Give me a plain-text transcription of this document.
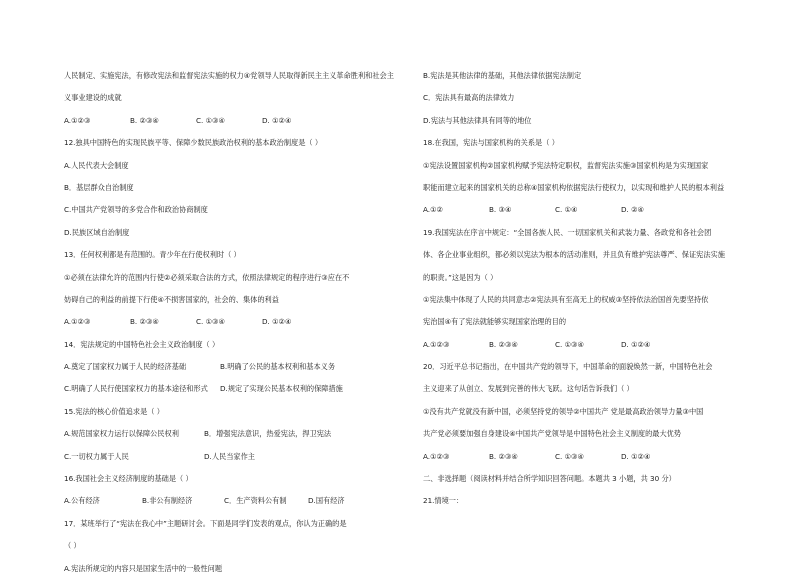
人民制定、实施宪法，有修改宪法和监督宪法实施的权力④党领导人民取得新民主主义革命胜利和社会主
义事业建设的成就
A.①②③	B. ②③④	C. ①③④	D. ①②④
12.独具中国特色的实现民族平等、保障少数民族政治权利的基本政治制度是（ ）
A.人民代表大会制度
B．基层群众自治制度
C.中国共产党领导的多党合作和政治协商制度
D.民族区域自治制度
13．任何权利都是有范围的。青少年在行使权利时（ ）
①必须在法律允许的范围内行使②必须采取合法的方式，依照法律规定的程序进行③应在不
妨碍自己的利益的前提下行使④不损害国家的，社会的、集体的利益
A.①②③	B. ②③④	C. ①③④	D. ①②④
14．宪法规定的中国特色社会主义政治制度（ ）
A.奠定了国家权力属于人民的经济基础	B.明确了公民的基本权利和基本义务
C.明确了人民行使国家权力的基本途径和形式	D.规定了实现公民基本权利的保障措施
15.宪法的核心价值追求是（ ）
A.规范国家权力运行以保障公民权利	B．增强宪法意识，热爱宪法，捍卫宪法
C.一切权力属于人民	D.人民当家作主
16.我国社会主义经济制度的基础是（ ）
A.公有经济	B.非公有制经济	C．生产资料公有制	D.国有经济
17．某班举行了“宪法在我心中”主题研讨会。下面是同学们发表的观点，你认为正确的是
（ ）
A.宪法所规定的内容只是国家生活中的一般性问题
B.宪法是其他法律的基础，其他法律依据宪法制定
C．宪法具有最高的法律效力
D.宪法与其他法律具有同等的地位
18.在我国，宪法与国家机构的关系是（ ）
①宪法设置国家机构②国家机构赋予宪法特定职权，监督宪法实施③国家机构是为实现国家
职能而建立起来的国家机关的总称④国家机构依据宪法行使权力，以实现和维护人民的根本利益
A.①②	B. ③④	C. ①④	D. ②④
19.我国宪法在序言中规定：“全国各族人民、一切国家机关和武装力量、各政党和各社会团
体、各企业事业组织，都必须以宪法为根本的活动准则，并且负有维护宪法尊严、保证宪法实施
的职责。”这是因为（ ）
①宪法集中体现了人民的共同意志②宪法具有至高无上的权威③坚持依法治国首先要坚持依
宪治国④有了宪法就能够实现国家治理的目的
A.①②③	B. ②③④	C. ①③④	D. ①②④
20．习近平总书记指出，在中国共产党的领导下，中国革命的面貌焕然一新，中国特色社会
主义迎来了从创立、发展到完善的伟大飞跃。这句话告诉我们（ ）
①没有共产党就没有新中国，必须坚持党的领导②中国共产 党是最高政治领导力量③中国
共产党必须要加强自身建设④中国共产党领导是中国特色社会主义制度的最大优势
A.①②③	B. ②③④	C. ①③④	D. ①②④
二、非选择题（阅读材料并结合所学知识回答问题。本题共 3 小题，共 30 分）
21.情境一：
